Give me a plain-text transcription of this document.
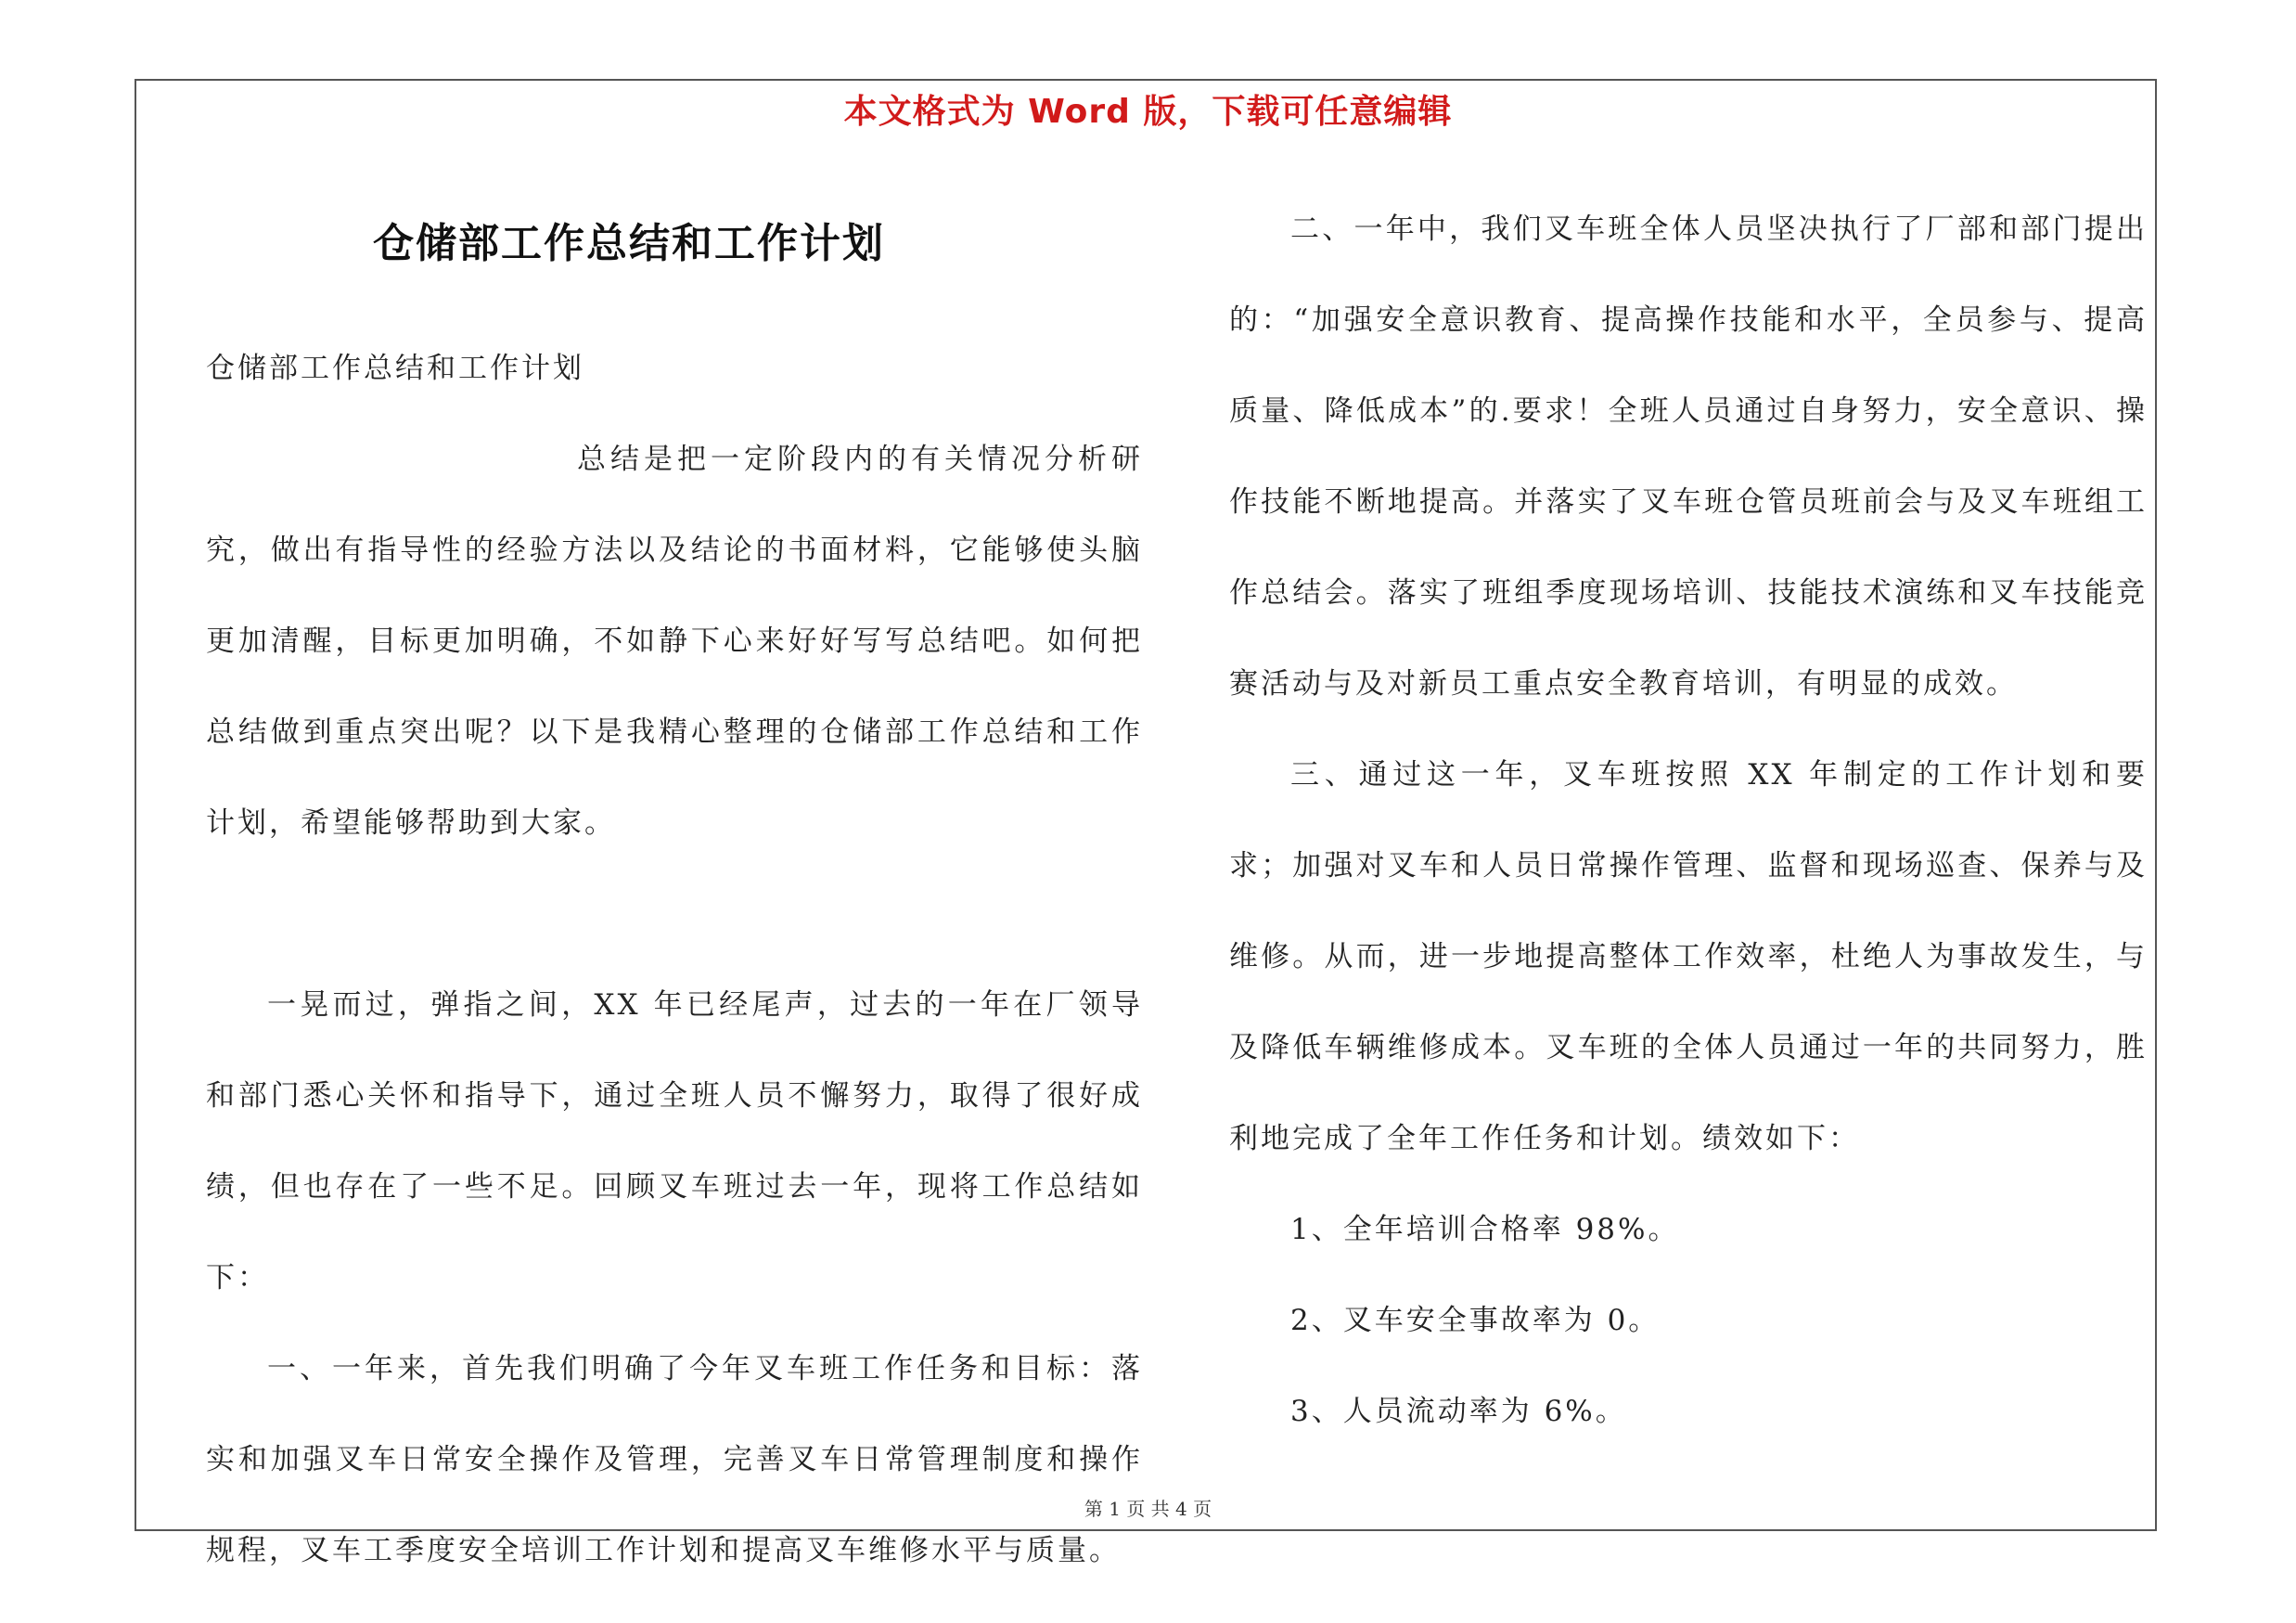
本文格式为 Word 版，下载可任意编辑
仓储部工作总结和工作计划

仓储部工作总结和工作计划

总结是把一定阶段内的有关情况分析研究，做出有指导性的经验方法以及结论的书面材料，它能够使头脑更加清醒，目标更加明确，不如静下心来好好写写总结吧。如何把总结做到重点突出呢？以下是我精心整理的仓储部工作总结和工作计划，希望能够帮助到大家。

一晃而过，弹指之间，XX 年已经尾声，过去的一年在厂领导和部门悉心关怀和指导下，通过全班人员不懈努力，取得了很好成绩，但也存在了一些不足。回顾叉车班过去一年，现将工作总结如下：

一、一年来，首先我们明确了今年叉车班工作任务和目标：落实和加强叉车日常安全操作及管理，完善叉车日常管理制度和操作规程，叉车工季度安全培训工作计划和提高叉车维修水平与质量。

二、一年中，我们叉车班全体人员坚决执行了厂部和部门提出的：“加强安全意识教育、提高操作技能和水平，全员参与、提高质量、降低成本”的.要求！全班人员通过自身努力，安全意识、操作技能不断地提高。并落实了叉车班仓管员班前会与及叉车班组工作总结会。落实了班组季度现场培训、技能技术演练和叉车技能竞赛活动与及对新员工重点安全教育培训，有明显的成效。

三、通过这一年，叉车班按照 XX 年制定的工作计划和要求；加强对叉车和人员日常操作管理、监督和现场巡查、保养与及维修。从而，进一步地提高整体工作效率，杜绝人为事故发生，与及降低车辆维修成本。叉车班的全体人员通过一年的共同努力，胜利地完成了全年工作任务和计划。绩效如下：

1、全年培训合格率 98%。

2、叉车安全事故率为 0。

3、人员流动率为 6%。

第 1 页 共 4 页
